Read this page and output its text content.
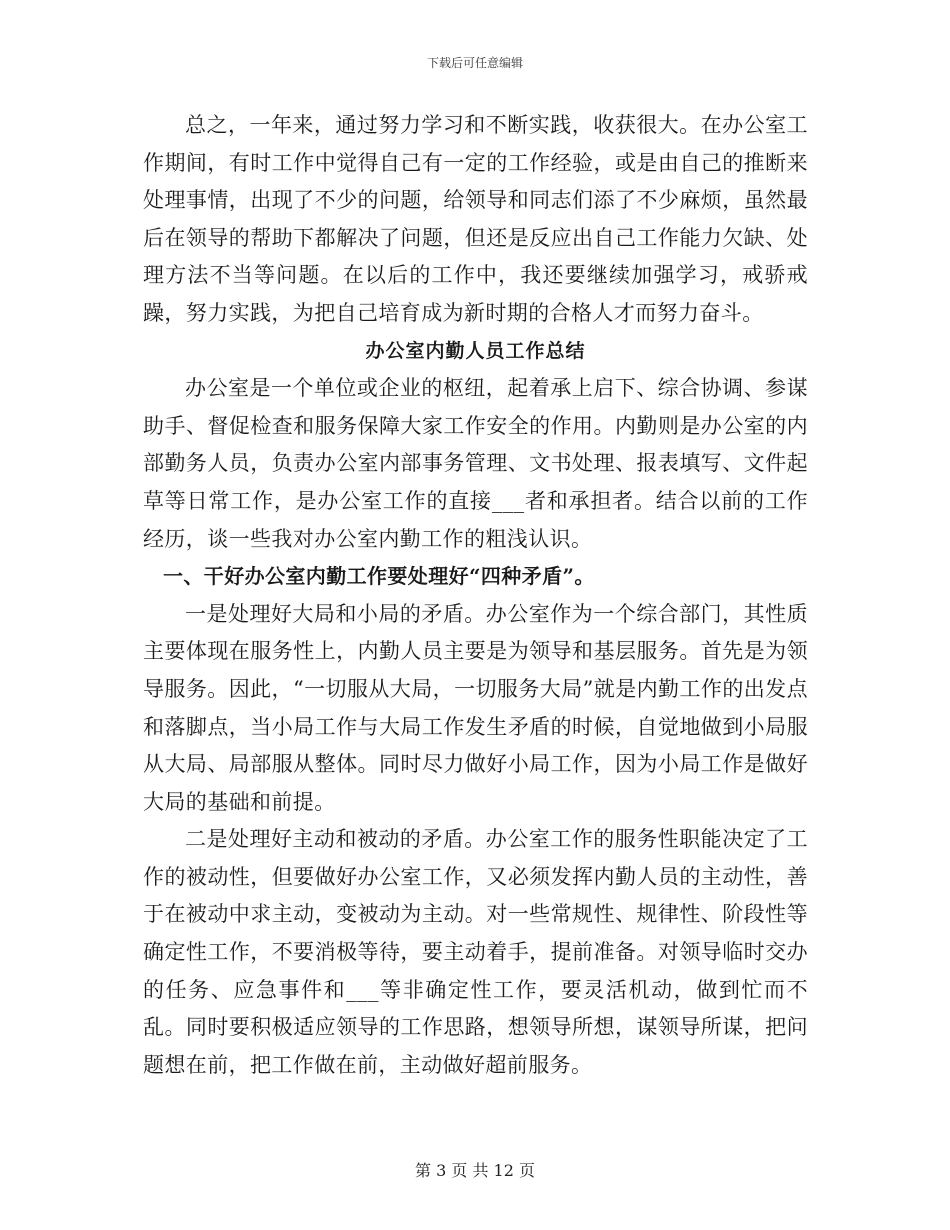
下载后可任意编辑

总之，一年来，通过努力学习和不断实践，收获很大。在办公室工作期间，有时工作中觉得自己有一定的工作经验，或是由自己的推断来处理事情，出现了不少的问题，给领导和同志们添了不少麻烦，虽然最后在领导的帮助下都解决了问题，但还是反应出自己工作能力欠缺、处理方法不当等问题。在以后的工作中，我还要继续加强学习，戒骄戒躁，努力实践，为把自己培育成为新时期的合格人才而努力奋斗。

办公室内勤人员工作总结

办公室是一个单位或企业的枢纽，起着承上启下、综合协调、参谋助手、督促检查和服务保障大家工作安全的作用。内勤则是办公室的内部勤务人员，负责办公室内部事务管理、文书处理、报表填写、文件起草等日常工作，是办公室工作的直接___者和承担者。结合以前的工作经历，谈一些我对办公室内勤工作的粗浅认识。

一、干好办公室内勤工作要处理好“四种矛盾”。

一是处理好大局和小局的矛盾。办公室作为一个综合部门，其性质主要体现在服务性上，内勤人员主要是为领导和基层服务。首先是为领导服务。因此，“一切服从大局，一切服务大局”就是内勤工作的出发点和落脚点，当小局工作与大局工作发生矛盾的时候，自觉地做到小局服从大局、局部服从整体。同时尽力做好小局工作，因为小局工作是做好大局的基础和前提。

二是处理好主动和被动的矛盾。办公室工作的服务性职能决定了工作的被动性，但要做好办公室工作，又必须发挥内勤人员的主动性，善于在被动中求主动，变被动为主动。对一些常规性、规律性、阶段性等确定性工作，不要消极等待，要主动着手，提前准备。对领导临时交办的任务、应急事件和___等非确定性工作，要灵活机动，做到忙而不乱。同时要积极适应领导的工作思路，想领导所想，谋领导所谋，把问题想在前，把工作做在前，主动做好超前服务。

第 3 页 共 12 页
